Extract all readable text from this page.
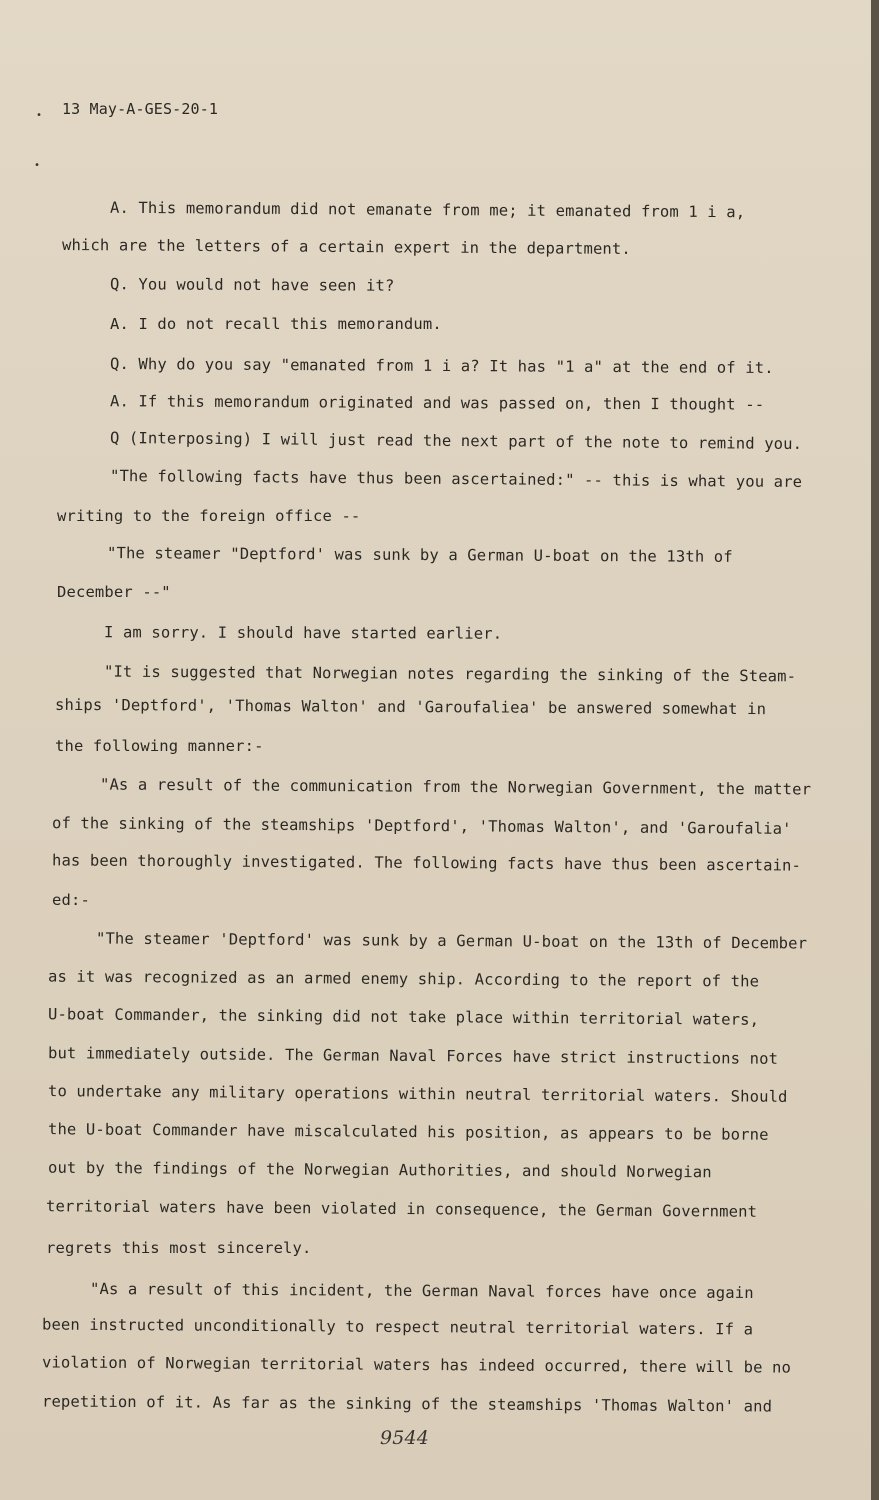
•
•

13 May-A-GES-20-1

A. This memorandum did not emanate from me; it emanated from 1 i a,

which are the letters of a certain expert in the department.

Q. You would not have seen it?

A. I do not recall this memorandum.

Q. Why do you say "emanated from 1 i a? It has "1 a" at the end of it.

A. If this memorandum originated and was passed on, then I thought --

Q (Interposing) I will just read the next part of the note to remind you.

"The following facts have thus been ascertained:" -- this is what you are

writing to the foreign office --

"The steamer "Deptford' was sunk by a German U-boat on the 13th of

December --"

I am sorry. I should have started earlier.

"It is suggested that Norwegian notes regarding the sinking of the Steam-

ships 'Deptford', 'Thomas Walton' and 'Garoufaliea' be answered somewhat in

the following manner:-

"As a result of the communication from the Norwegian Government, the matter

of the sinking of the steamships 'Deptford', 'Thomas Walton', and 'Garoufalia'

has been thoroughly investigated. The following facts have thus been ascertain-

ed:-

"The steamer 'Deptford' was sunk by a German U-boat on the 13th of December

as it was recognized as an armed enemy ship. According to the report of the

U-boat Commander, the sinking did not take place within territorial waters,

but immediately outside. The German Naval Forces have strict instructions not

to undertake any military operations within neutral territorial waters. Should

the U-boat Commander have miscalculated his position, as appears to be borne

out by the findings of the Norwegian Authorities, and should Norwegian

territorial waters have been violated in consequence, the German Government

regrets this most sincerely.

"As a result of this incident, the German Naval forces have once again

been instructed unconditionally to respect neutral territorial waters. If a

violation of Norwegian territorial waters has indeed occurred, there will be no

repetition of it. As far as the sinking of the steamships 'Thomas Walton' and

9544
